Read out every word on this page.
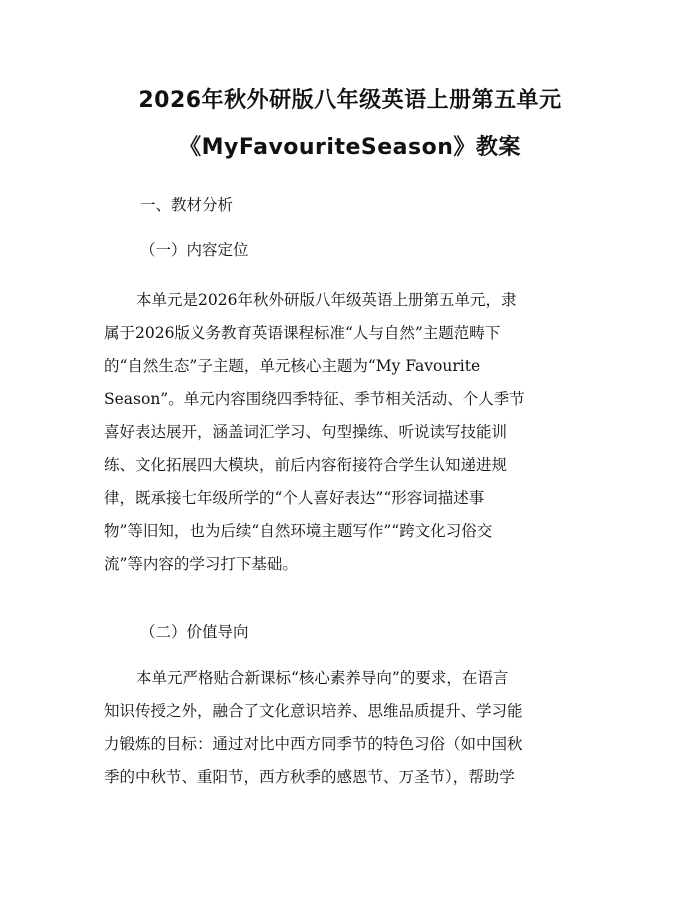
2026年秋外研版八年级英语上册第五单元
《MyFavouriteSeason》教案
一、教材分析
（一）内容定位
本单元是2026年秋外研版八年级英语上册第五单元，隶
属于2026版义务教育英语课程标准“人与自然”主题范畴下
的“自然生态”子主题，单元核心主题为“My Favourite
Season”。单元内容围绕四季特征、季节相关活动、个人季节
喜好表达展开，涵盖词汇学习、句型操练、听说读写技能训
练、文化拓展四大模块，前后内容衔接符合学生认知递进规
律，既承接七年级所学的“个人喜好表达”“形容词描述事
物”等旧知，也为后续“自然环境主题写作”“跨文化习俗交
流”等内容的学习打下基础。
（二）价值导向
本单元严格贴合新课标“核心素养导向”的要求，在语言
知识传授之外，融合了文化意识培养、思维品质提升、学习能
力锻炼的目标：通过对比中西方同季节的特色习俗（如中国秋
季的中秋节、重阳节，西方秋季的感恩节、万圣节），帮助学
